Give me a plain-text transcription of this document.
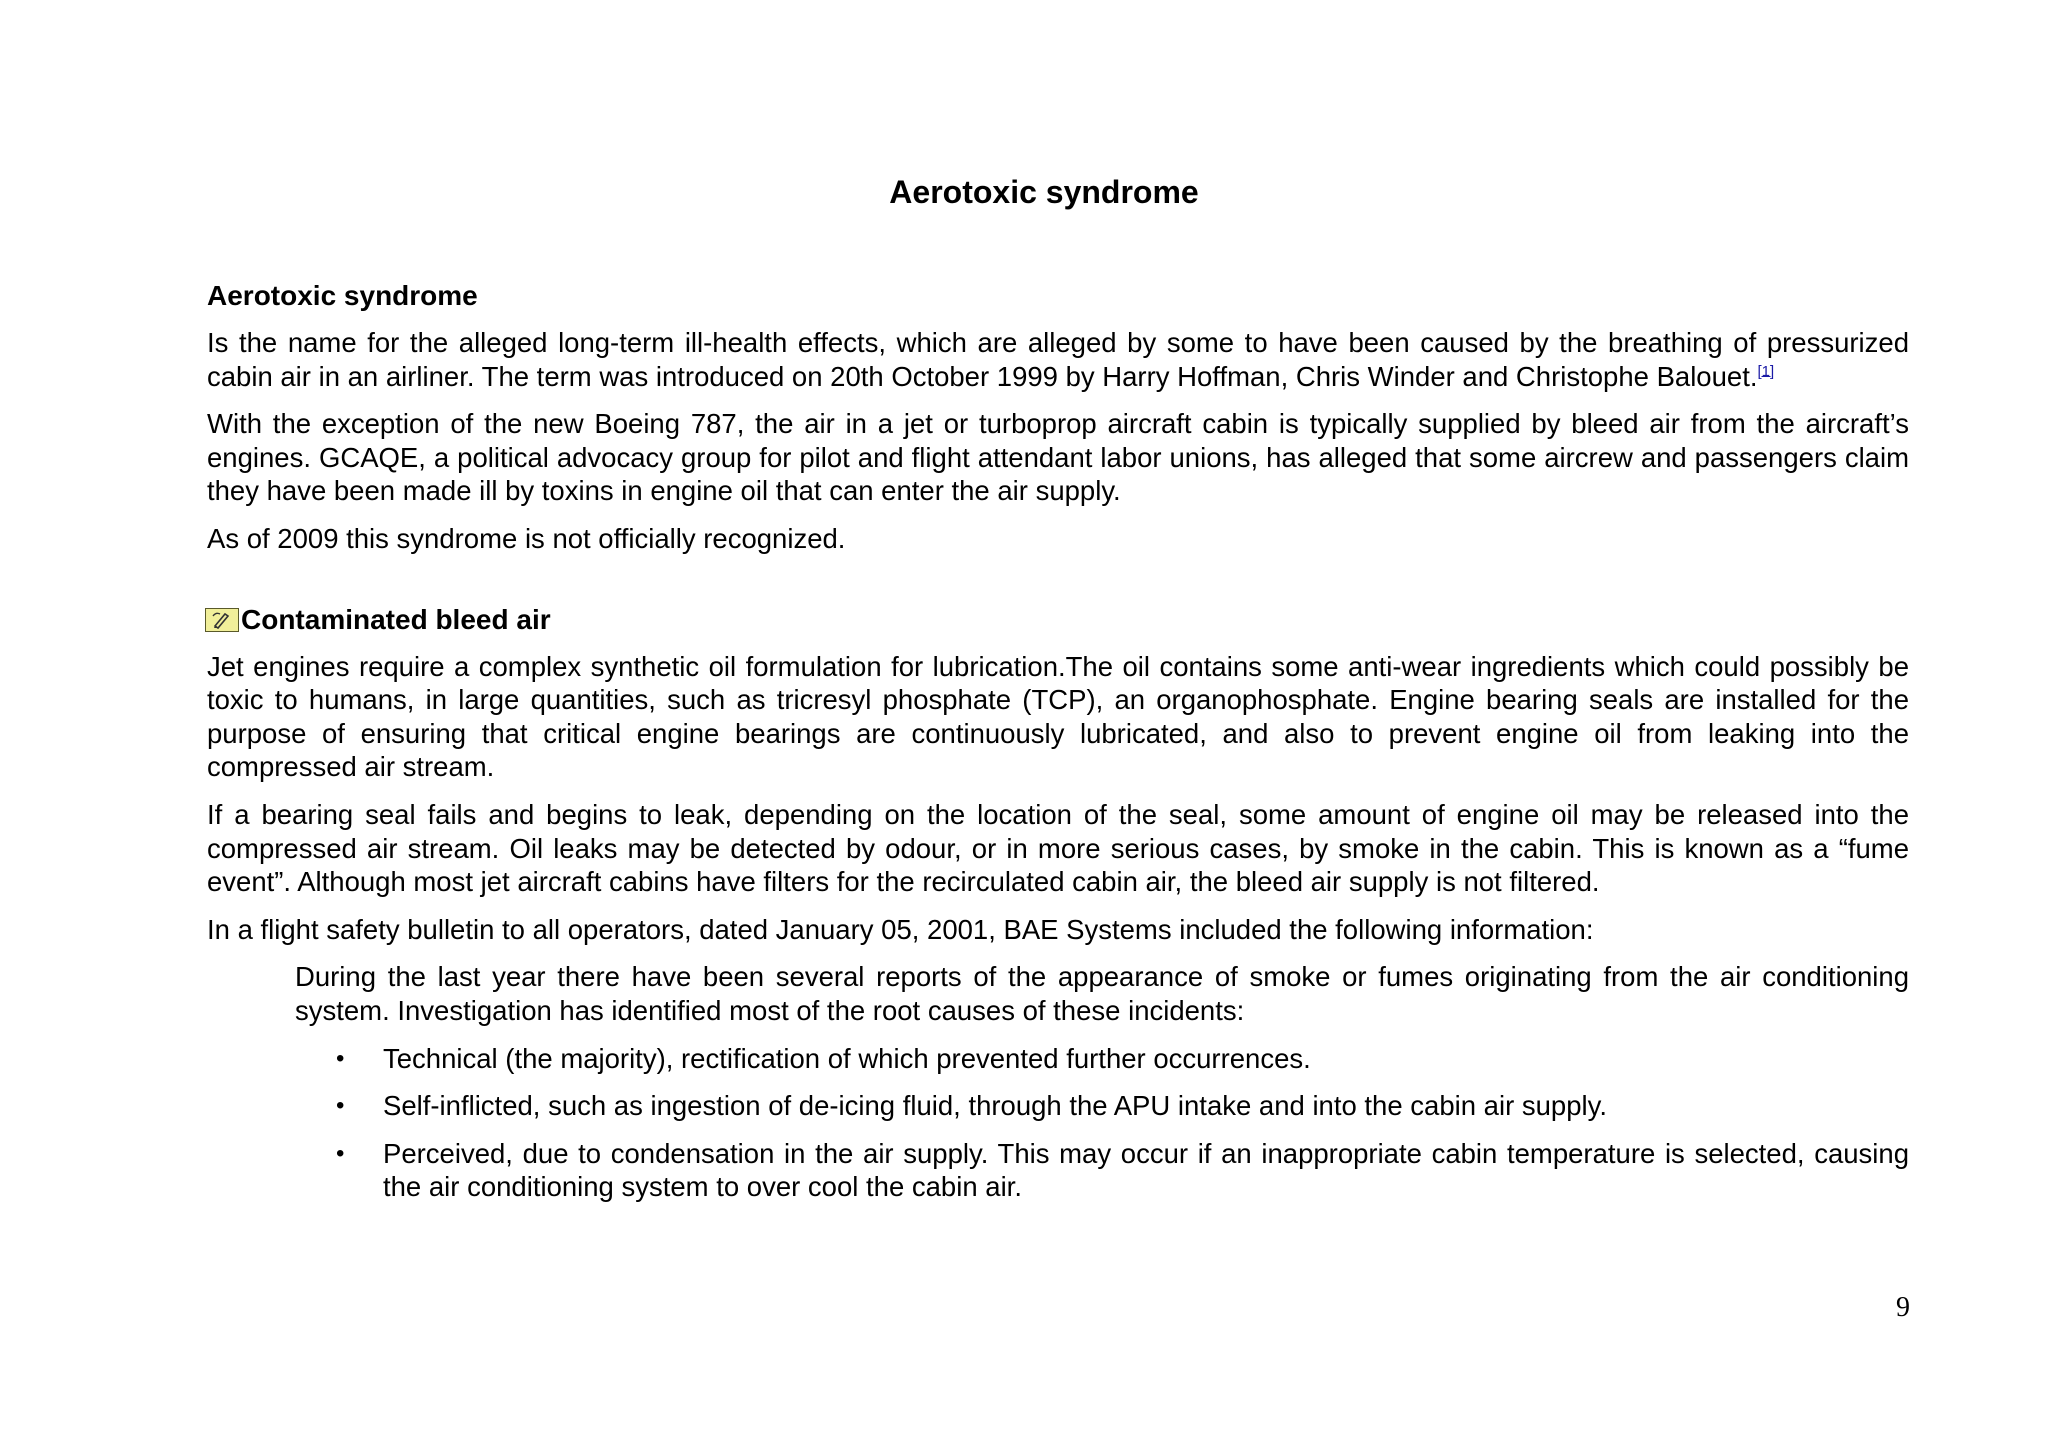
Aerotoxic syndrome
Aerotoxic syndrome

Is the name for the alleged long-term ill-health effects, which are alleged by some to have been caused by the breathing of pressurized cabin air in an airliner. The term was introduced on 20th October 1999 by Harry Hoffman, Chris Winder and Christophe Balouet.[1]

With the exception of the new Boeing 787, the air in a jet or turboprop aircraft cabin is typically supplied by bleed air from the aircraft’s engines. GCAQE, a political advocacy group for pilot and flight attendant labor unions, has alleged that some aircrew and passengers claim they have been made ill by toxins in engine oil that can enter the air supply.

As of 2009 this syndrome is not officially recognized.

Contaminated bleed air

Jet engines require a complex synthetic oil formulation for lubrication.The oil contains some anti-wear ingredients which could possibly be toxic to humans, in large quantities, such as tricresyl phosphate (TCP), an organophosphate. Engine bearing seals are installed for the purpose of ensuring that critical engine bearings are continuously lubricated, and also to prevent engine oil from leaking into the compressed air stream.

If a bearing seal fails and begins to leak, depending on the location of the seal, some amount of engine oil may be released into the compressed air stream. Oil leaks may be detected by odour, or in more serious cases, by smoke in the cabin. This is known as a “fume event”. Although most jet aircraft cabins have filters for the recirculated cabin air, the bleed air supply is not filtered.

In a flight safety bulletin to all operators, dated January 05, 2001, BAE Systems included the following information:

During the last year there have been several reports of the appearance of smoke or fumes originating from the air conditioning system. Investigation has identified most of the root causes of these incidents:

• Technical (the majority), rectification of which prevented further occurrences.
• Self-inflicted, such as ingestion of de-icing fluid, through the APU intake and into the cabin air supply.
• Perceived, due to condensation in the air supply. This may occur if an inappropriate cabin temperature is selected, causing the air conditioning system to over cool the cabin air.
9
